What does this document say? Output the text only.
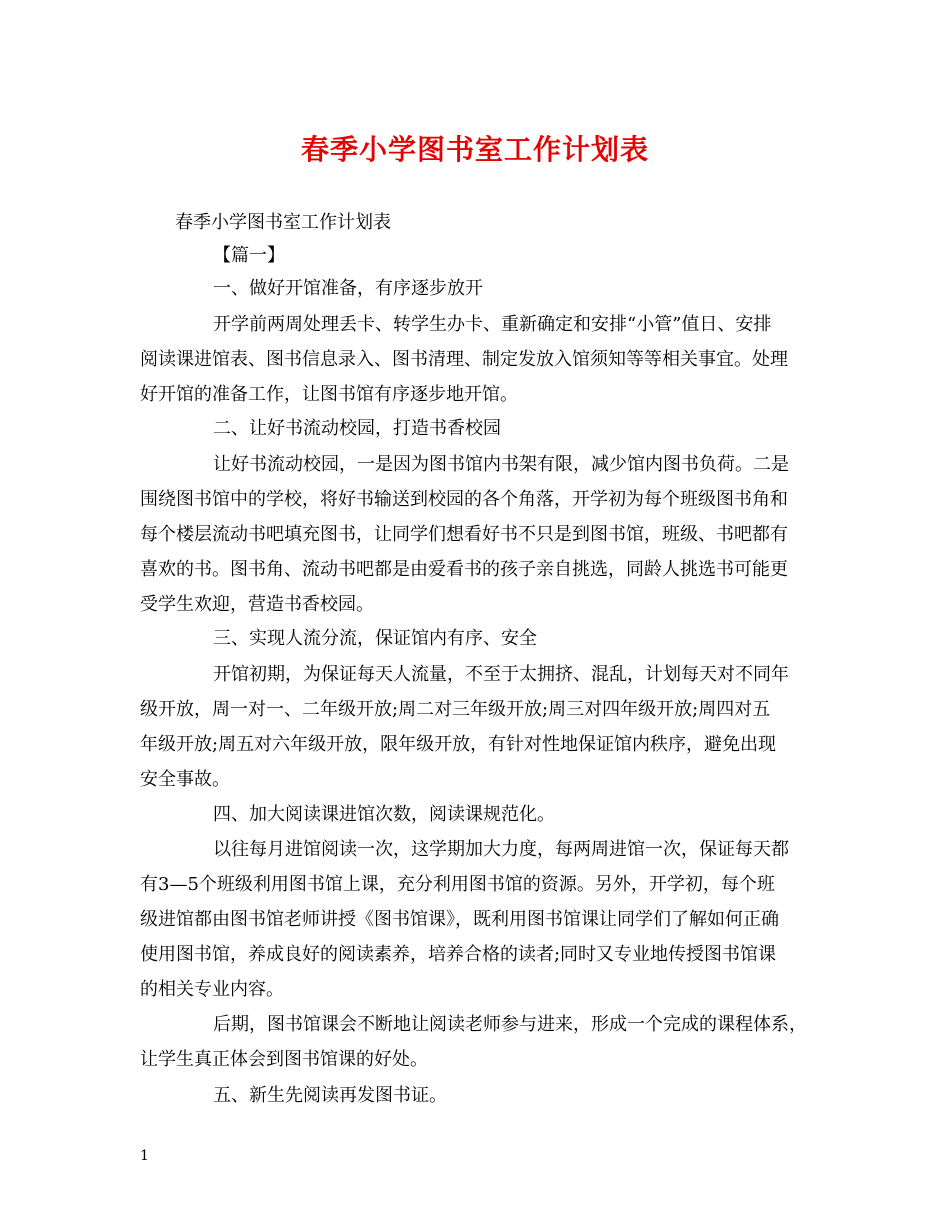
春季小学图书室工作计划表
春季小学图书室工作计划表
【篇一】
一、做好开馆准备，有序逐步放开
开学前两周处理丢卡、转学生办卡、重新确定和安排“小管”值日、安排
阅读课进馆表、图书信息录入、图书清理、制定发放入馆须知等等相关事宜。处理
好开馆的准备工作，让图书馆有序逐步地开馆。
二、让好书流动校园，打造书香校园
让好书流动校园，一是因为图书馆内书架有限，减少馆内图书负荷。二是
围绕图书馆中的学校，将好书输送到校园的各个角落，开学初为每个班级图书角和
每个楼层流动书吧填充图书，让同学们想看好书不只是到图书馆，班级、书吧都有
喜欢的书。图书角、流动书吧都是由爱看书的孩子亲自挑选，同龄人挑选书可能更
受学生欢迎，营造书香校园。
三、实现人流分流，保证馆内有序、安全
开馆初期，为保证每天人流量，不至于太拥挤、混乱，计划每天对不同年
级开放，周一对一、二年级开放;周二对三年级开放;周三对四年级开放;周四对五
年级开放;周五对六年级开放，限年级开放，有针对性地保证馆内秩序，避免出现
安全事故。
四、加大阅读课进馆次数，阅读课规范化。
以往每月进馆阅读一次，这学期加大力度，每两周进馆一次，保证每天都
有3—5个班级利用图书馆上课，充分利用图书馆的资源。另外，开学初，每个班
级进馆都由图书馆老师讲授《图书馆课》，既利用图书馆课让同学们了解如何正确
使用图书馆，养成良好的阅读素养，培养合格的读者;同时又专业地传授图书馆课
的相关专业内容。
后期，图书馆课会不断地让阅读老师参与进来，形成一个完成的课程体系，
让学生真正体会到图书馆课的好处。
五、新生先阅读再发图书证。
1
